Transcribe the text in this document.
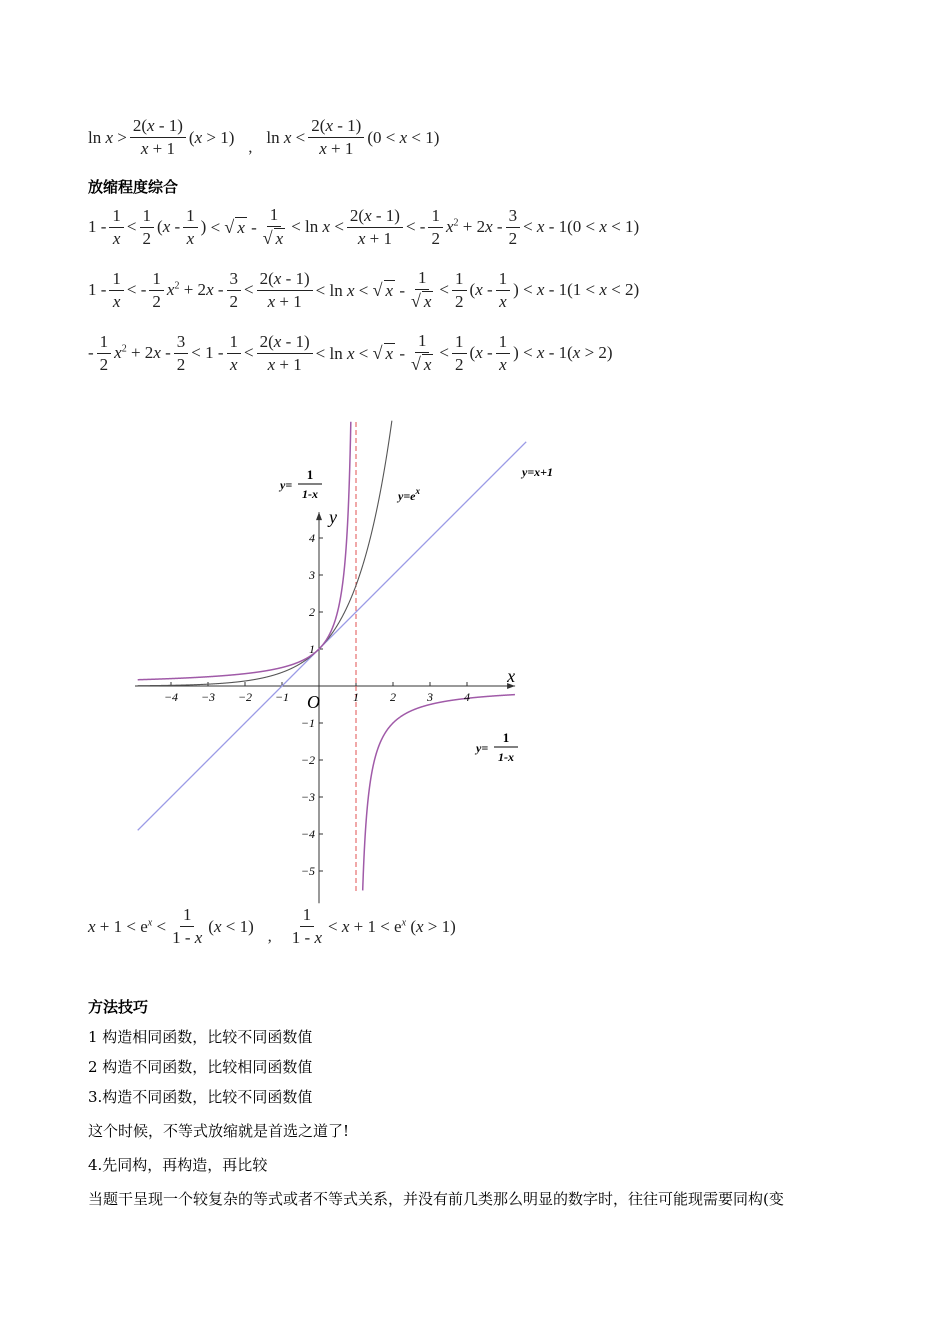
$\ln x > \frac{2(x - 1)}{x + 1} (x > 1)$
,
$\ln x < \frac{2(x - 1)}{x + 1} (0 < x < 1)$
放缩程度综合
$1 - \frac{1}{x} < \frac{1}{2} (x - \frac{1}{x}$ ) < √ $x - \frac{1}{√ x} < \ln x < \frac{2(x - 1)}{x + 1}$ < - $\frac{1}{2} x^2 + 2x - \frac{3}{2} < x - 1(0 < x < 1)$
$1 - \frac{1}{x}$ < - $\frac{1}{2} x^2 + 2x - \frac{3}{2} < \frac{2(x - 1)}{x + 1} < \ln x$ < √ $x - \frac{1}{√ x} < \frac{1}{2} (x - \frac{1}{x}$ ) < x - 1(1 < x < 2)
- $\frac{1}{2} x^2 + 2x - \frac{3}{2} < 1 - \frac{1}{x} < \frac{2(x - 1)}{x + 1} < \ln x$ < √ $x - \frac{1}{√ x} < \frac{1}{2} (x - \frac{1}{x}$ ) < x - 1(x > 2)
−4 −3 −2 −1	1	2	3	4
−5
−4
−3
−2
−1
1
2
3
4
x
y
O
y=
1
1-x
y=
1
1-x
$y=e^x$
y=x+1
$x + 1 < e^x < \frac{1}{1 - x} (x < 1)$
, $\frac{1}{1 - x} < x + 1 < e^x$ (x > 1)
方法技巧
1 构造相同函数，比较不同函数值
2 构造不同函数，比较相同函数值
3.构造不同函数，比较不同函数值
这个时候，不等式放缩就是首选之道了!
4.先同构，再构造，再比较
当题干呈现一个较复杂的等式或者不等式关系，并没有前几类那么明显的数字时，往往可能现需要同构(变
